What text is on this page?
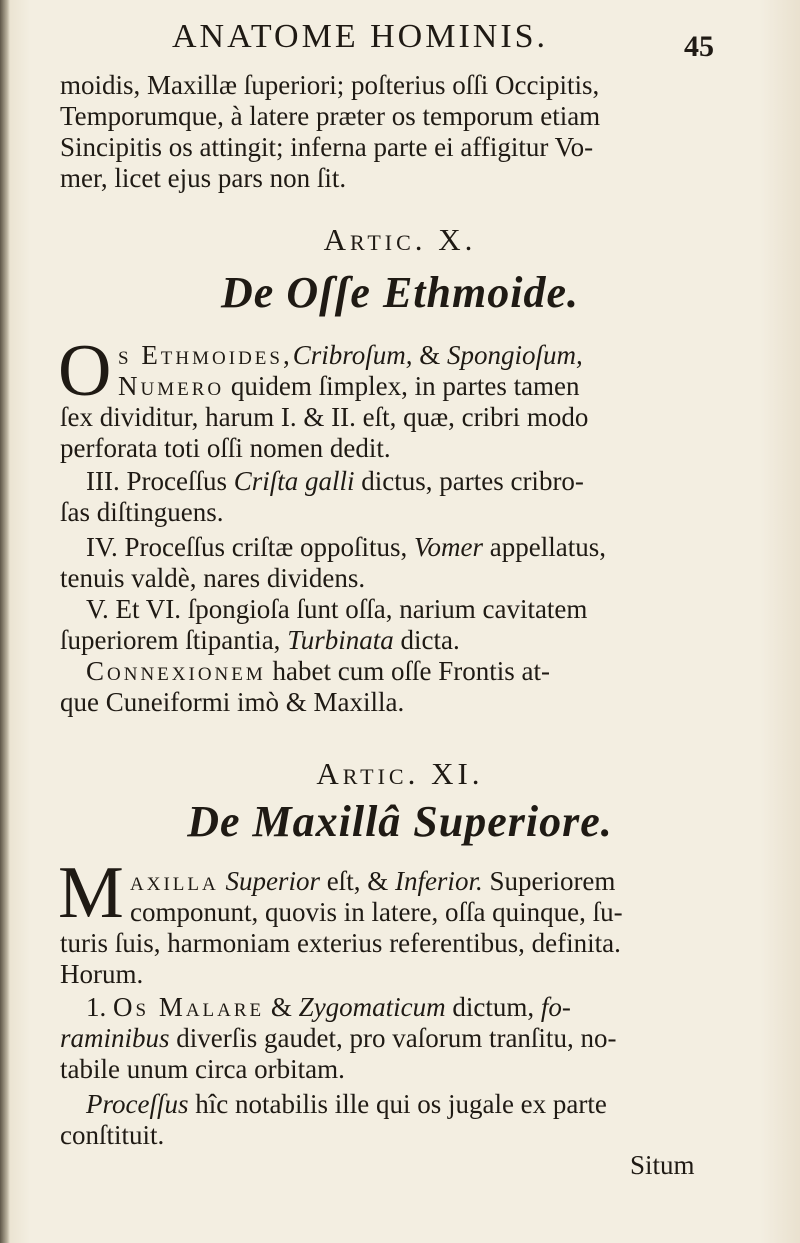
ANATOME HOMINIS.	45
moidis, Maxillæ ſuperiori; poſterius oſſi Occipitis,
Temporumque, à latere præter os temporum etiam
Sincipitis os attingit; inferna parte ei affigitur Vo-
mer, licet ejus pars non ſit.
Artic. X.
De Oſſe Ethmoide.
O s Ethmoides,Cribroſum, & Spongioſum,
Numero quidem ſimplex, in partes tamen
ſex dividitur, harum I. & II. eſt, quæ, cribri modo
perforata toti oſſi nomen dedit.
III. Proceſſus Criſta galli dictus, partes cribro-
ſas diſtinguens.
IV. Proceſſus criſtæ oppoſitus, Vomer appellatus,
tenuis valdè, nares dividens.
V. Et VI. ſpongioſa ſunt oſſa, narium cavitatem
ſuperiorem ſtipantia, Turbinata dicta.
Connexionem habet cum oſſe Frontis at-
que Cuneiformi imò & Maxilla.
Artic. XI.
De Maxillâ Superiore.
M axilla Superior eſt, & Inferior. Superiorem
componunt, quovis in latere, oſſa quinque, ſu-
turis ſuis, harmoniam exterius referentibus, definita.
Horum.
1. Os Malare & Zygomaticum dictum, fo-
raminibus diverſis gaudet, pro vaſorum tranſitu, no-
tabile unum circa orbitam.
Proceſſus hîc notabilis ille qui os jugale ex parte
conſtituit.
Situm
